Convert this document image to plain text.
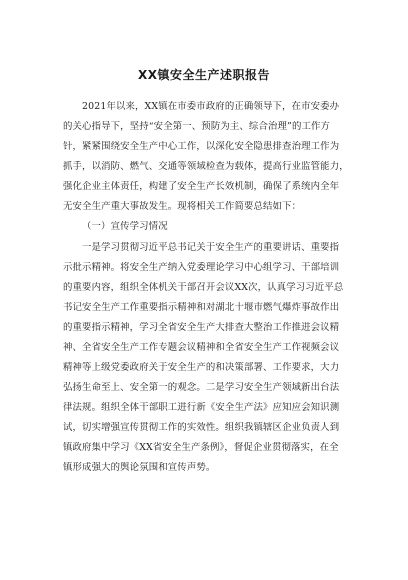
XX镇安全生产述职报告
2021年以来，XX镇在市委市政府的正确领导下，在市安委办
的关心指导下，坚持“安全第一、预防为主、综合治理”的工作方
针，紧紧围绕安全生产中心工作，以深化安全隐患排查治理工作为
抓手，以消防、燃气、交通等领域检查为载体，提高行业监管能力，
强化企业主体责任，构建了安全生产长效机制，确保了系统内全年
无安全生产重大事故发生。现将相关工作简要总结如下：
（一）宣传学习情况
一是学习贯彻习近平总书记关于安全生产的重要讲话、重要指
示批示精神。将安全生产纳入党委理论学习中心组学习、干部培训
的重要内容，组织全体机关干部召开会议XX次，认真学习习近平总
书记安全生产工作重要指示精神和对湖北十堰市燃气爆炸事故作出
的重要指示精神，学习全省安全生产大排查大整治工作推进会议精
神、全省安全生产工作专题会议精神和全省安全生产工作视频会议
精神等上级党委政府关于安全生产的和决策部署、工作要求，大力
弘扬生命至上、安全第一的观念。二是学习安全生产领域新出台法
律法规。组织全体干部职工进行新《安全生产法》应知应会知识测
试，切实增强宣传贯彻工作的实效性。组织我镇辖区企业负责人到
镇政府集中学习《XX省安全生产条例》，督促企业贯彻落实，在全
镇形成强大的舆论氛围和宣传声势。
